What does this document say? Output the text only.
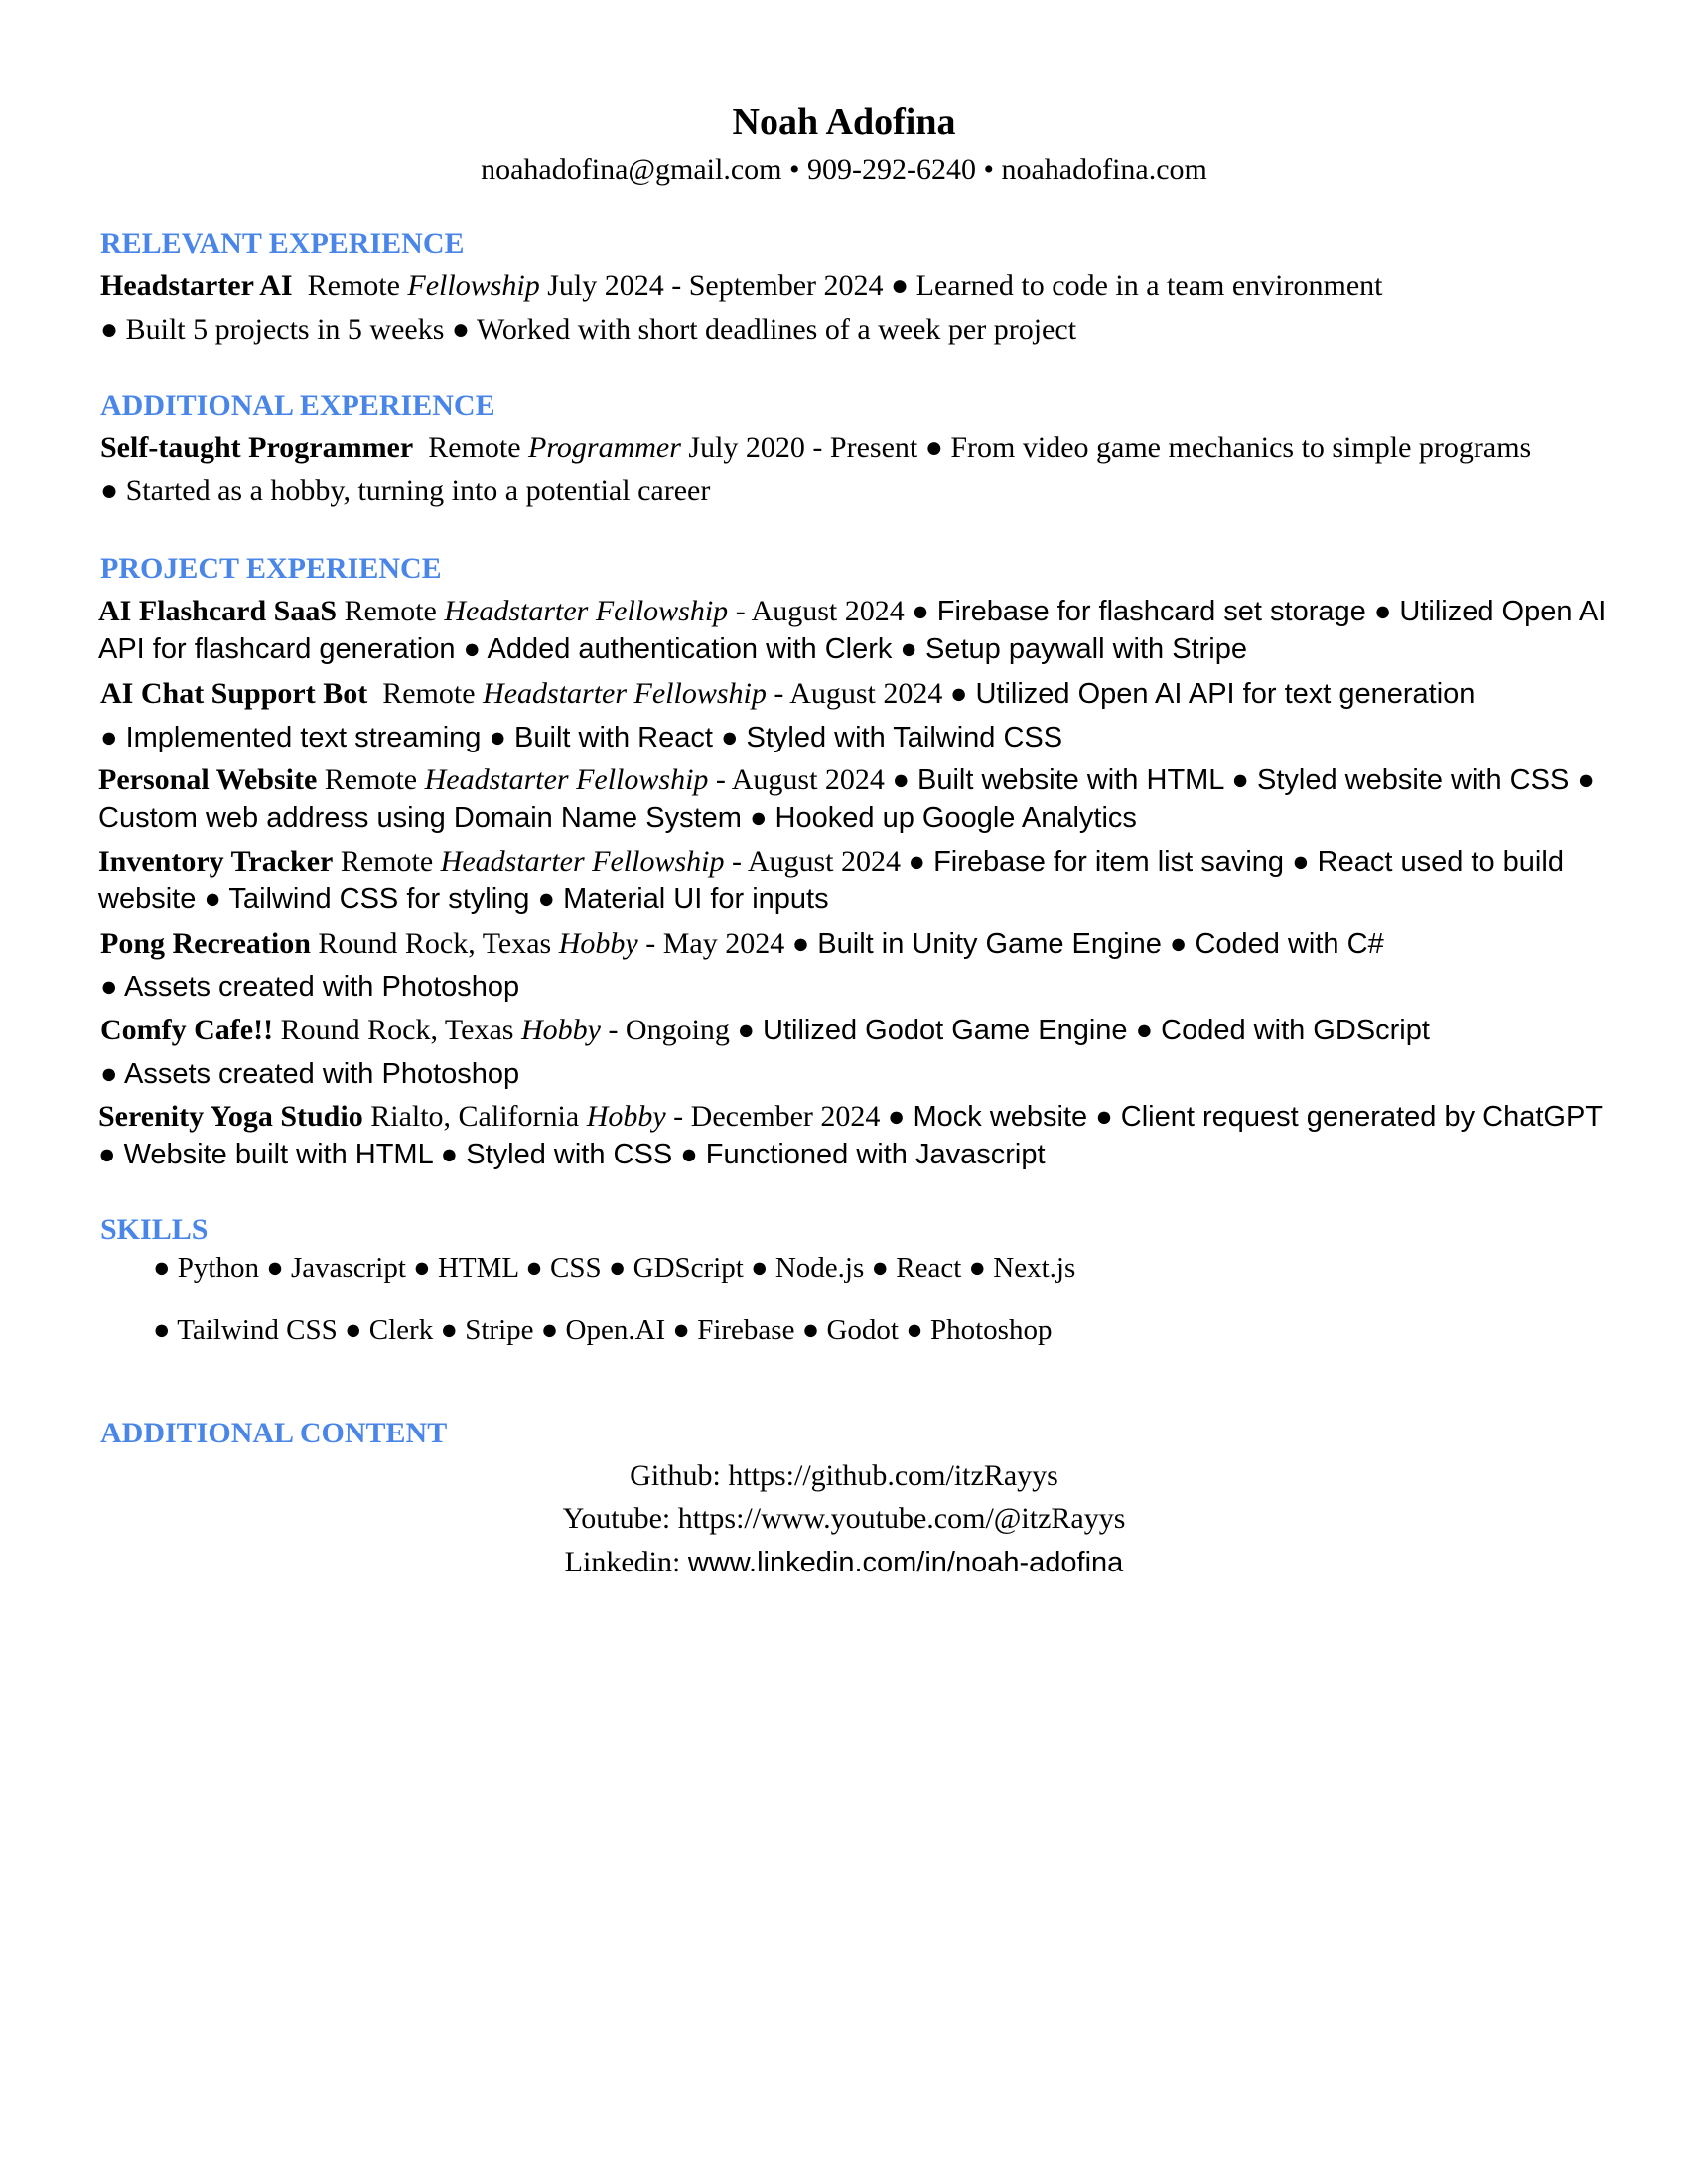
Noah Adofina
noahadofina@gmail.com • 909-292-6240 • noahadofina.com
RELEVANT EXPERIENCE
Headstarter AI Remote Fellowship July 2024 - September 2024 ● Learned to code in a team environment
● Built 5 projects in 5 weeks ● Worked with short deadlines of a week per project
ADDITIONAL EXPERIENCE
Self-taught Programmer Remote Programmer July 2020 - Present ● From video game mechanics to simple programs
● Started as a hobby, turning into a potential career
PROJECT EXPERIENCE
AI Flashcard SaaS Remote Headstarter Fellowship - August 2024 ● Firebase for flashcard set storage ● Utilized Open AI API for flashcard generation ● Added authentication with Clerk ● Setup paywall with Stripe
AI Chat Support Bot Remote Headstarter Fellowship - August 2024 ● Utilized Open AI API for text generation
● Implemented text streaming ● Built with React ● Styled with Tailwind CSS
Personal Website Remote Headstarter Fellowship - August 2024 ● Built website with HTML ● Styled website with CSS ● Custom web address using Domain Name System ● Hooked up Google Analytics
Inventory Tracker Remote Headstarter Fellowship - August 2024 ● Firebase for item list saving ● React used to build website ● Tailwind CSS for styling ● Material UI for inputs
Pong Recreation Round Rock, Texas Hobby - May 2024 ● Built in Unity Game Engine ● Coded with C#
● Assets created with Photoshop
Comfy Cafe!! Round Rock, Texas Hobby - Ongoing ● Utilized Godot Game Engine ● Coded with GDScript
● Assets created with Photoshop
Serenity Yoga Studio Rialto, California Hobby - December 2024 ● Mock website ● Client request generated by ChatGPT ● Website built with HTML ● Styled with CSS ● Functioned with Javascript
SKILLS
● Python ● Javascript ● HTML ● CSS ● GDScript ● Node.js ● React ● Next.js
● Tailwind CSS ● Clerk ● Stripe ● Open.AI ● Firebase ● Godot ● Photoshop
ADDITIONAL CONTENT
Github: https://github.com/itzRayys
Youtube: https://www.youtube.com/@itzRayys
Linkedin: www.linkedin.com/in/noah-adofina
